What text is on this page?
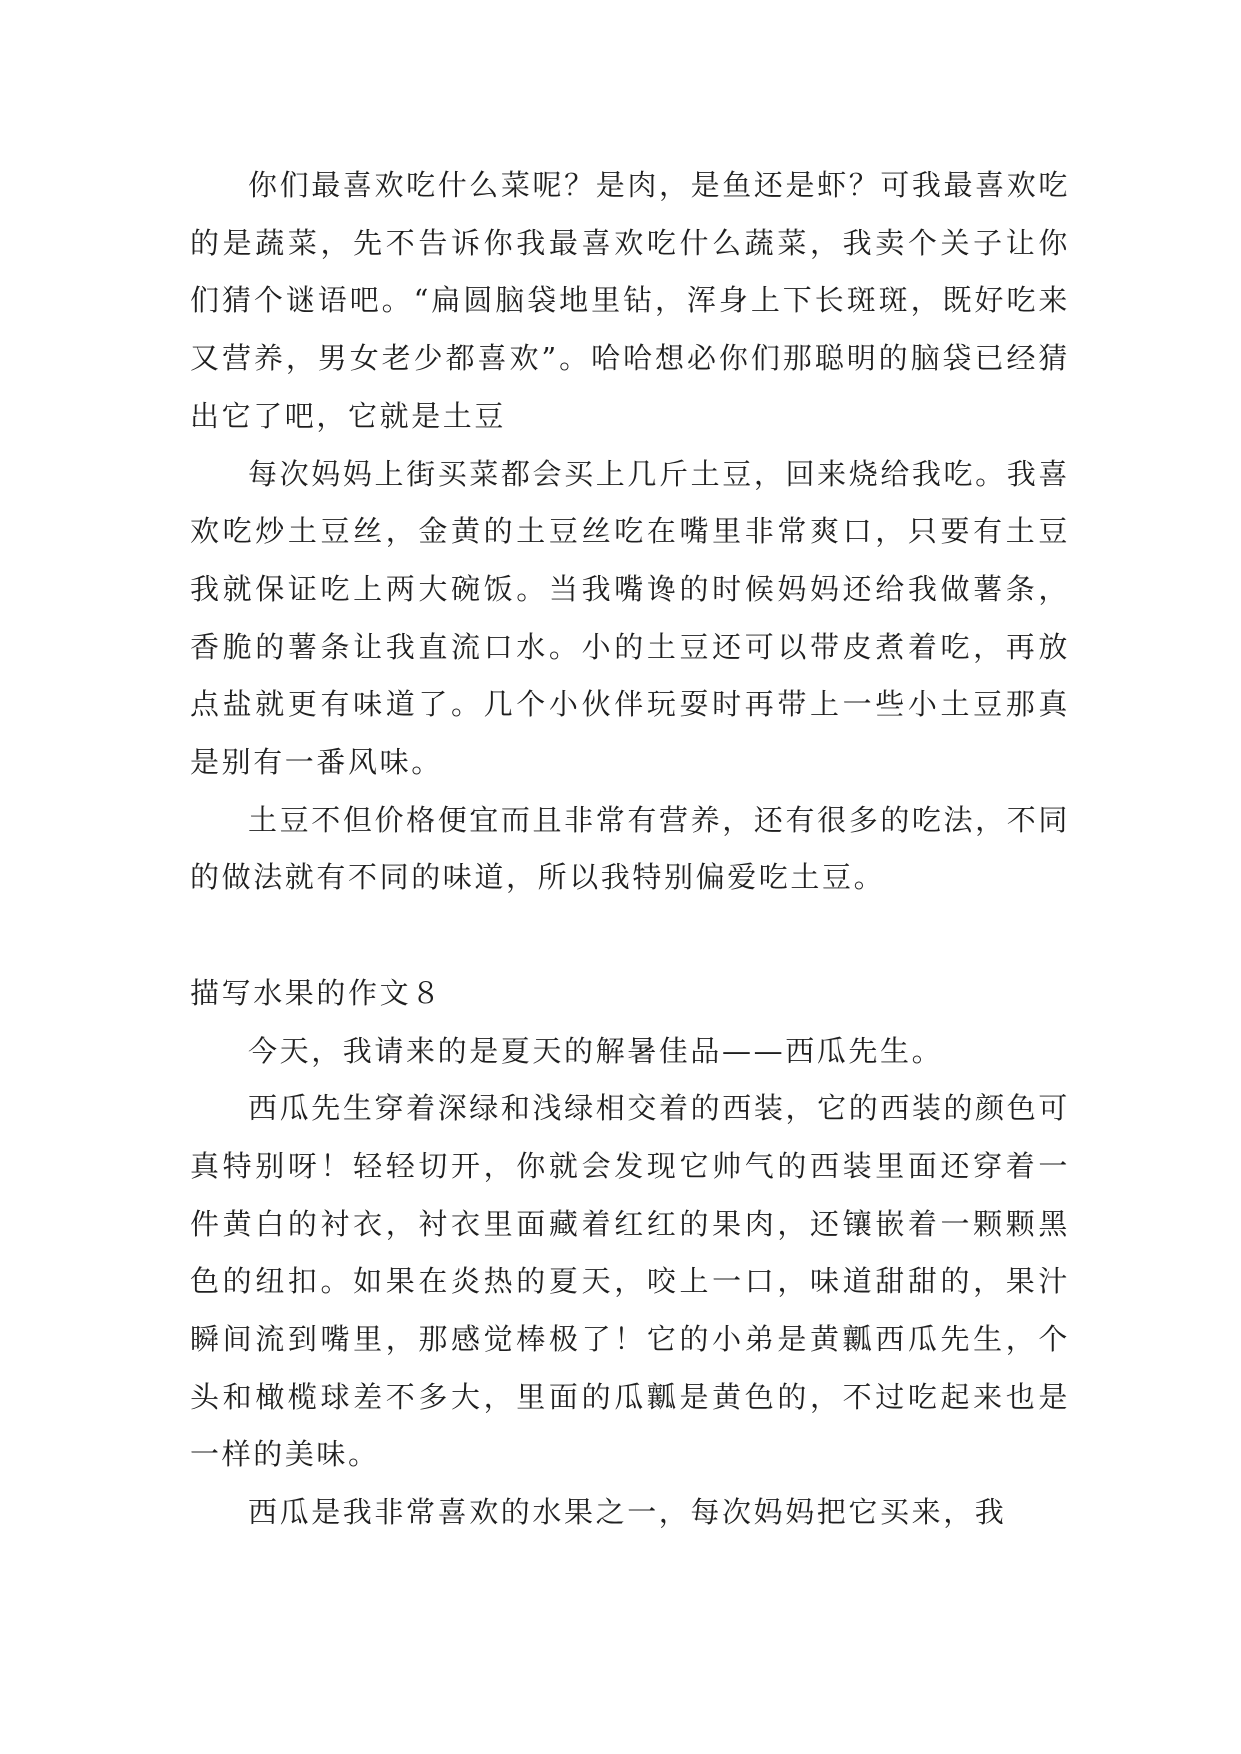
你们最喜欢吃什么菜呢？是肉，是鱼还是虾？可我最喜欢吃的是蔬菜，先不告诉你我最喜欢吃什么蔬菜，我卖个关子让你们猜个谜语吧。“扁圆脑袋地里钻，浑身上下长斑斑，既好吃来又营养，男女老少都喜欢”。哈哈想必你们那聪明的脑袋已经猜出它了吧，它就是土豆

每次妈妈上街买菜都会买上几斤土豆，回来烧给我吃。我喜欢吃炒土豆丝，金黄的土豆丝吃在嘴里非常爽口，只要有土豆我就保证吃上两大碗饭。当我嘴谗的时候妈妈还给我做薯条，香脆的薯条让我直流口水。小的土豆还可以带皮煮着吃，再放点盐就更有味道了。几个小伙伴玩耍时再带上一些小土豆那真是别有一番风味。

土豆不但价格便宜而且非常有营养，还有很多的吃法，不同的做法就有不同的味道，所以我特别偏爱吃土豆。

描写水果的作文８

今天，我请来的是夏天的解暑佳品——西瓜先生。

西瓜先生穿着深绿和浅绿相交着的西装，它的西装的颜色可真特别呀！轻轻切开，你就会发现它帅气的西装里面还穿着一件黄白的衬衣，衬衣里面藏着红红的果肉，还镶嵌着一颗颗黑色的纽扣。如果在炎热的夏天，咬上一口，味道甜甜的，果汁瞬间流到嘴里，那感觉棒极了！它的小弟是黄瓤西瓜先生，个头和橄榄球差不多大，里面的瓜瓤是黄色的，不过吃起来也是一样的美味。

西瓜是我非常喜欢的水果之一，每次妈妈把它买来，我
